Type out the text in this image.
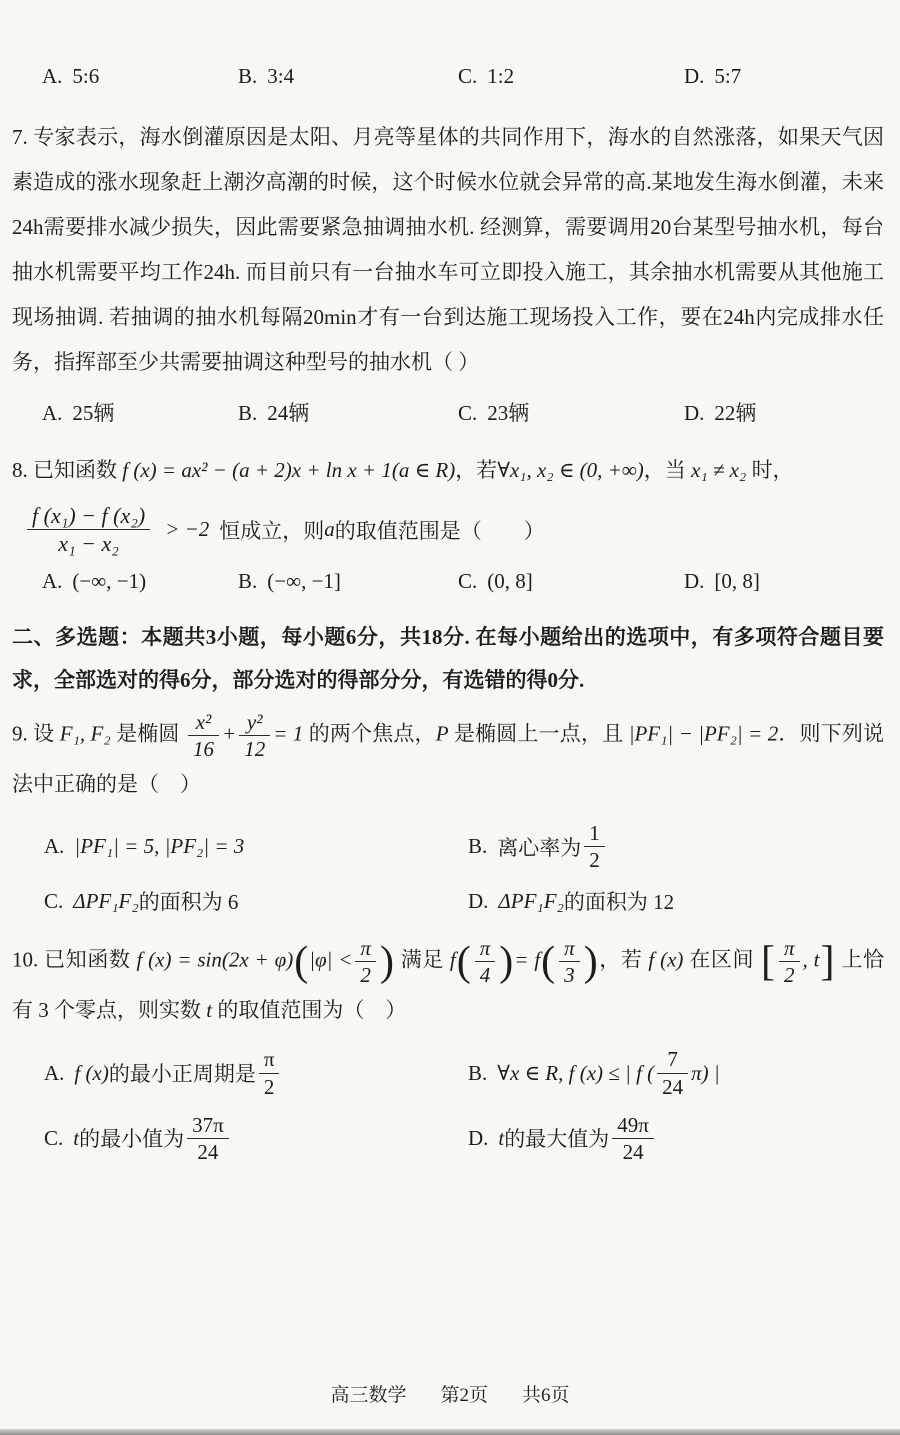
A. 5:6	B. 3:4	C. 1:2	D. 5:7

7. 专家表示，海水倒灌原因是太阳、月亮等星体的共同作用下，海水的自然涨落，如果天气因素造成的涨水现象赶上潮汐高潮的时候，这个时候水位就会异常的高.某地发生海水倒灌，未来24h需要排水减少损失，因此需要紧急抽调抽水机. 经测算，需要调用20台某型号抽水机，每台抽水机需要平均工作24h. 而目前只有一台抽水车可立即投入施工，其余抽水机需要从其他施工现场抽调. 若抽调的抽水机每隔20min才有一台到达施工现场投入工作，要在24h内完成排水任务，指挥部至少共需要抽调这种型号的抽水机（ ）

A. 25辆	B. 24辆	C. 23辆	D. 22辆

8. 已知函数 f (x) = ax² − (a + 2)x + ln x + 1(a ∈ R)，若∀x₁, x₂ ∈ (0, +∞)，当 x₁ ≠ x₂ 时，

$\frac{\text{f (x₁) − f (x₂)}}{\text{x₁ − x₂}} > -2$ 恒成立，则 a 的取值范围是（　　）
A. (−∞, −1)	B. (−∞, −1]	C. (0, 8]	D. [0, 8]

二、多选题：本题共3小题，每小题6分，共18分. 在每小题给出的选项中，有多项符合题目要求，全部选对的得6分，部分选对的得部分分，有选错的得0分.

9. 设 F₁, F₂ 是椭圆 $\frac{\text{x²}}{16} + \frac{\text{y²}}{12} = 1$ 的两个焦点，P 是椭圆上一点，且 |PF₁| − |PF₂| = 2．则下列说法中正确的是（　）

A. |PF₁| = 5, |PF₂| = 3	B. 离心率为 $\frac{1}{2}$
C. ΔPF₁F₂ 的面积为 6	D. ΔPF₁F₂ 的面积为 12

10. 已知函数 f $(x) = \sin(2x + \varphi)(|\varphi| < \frac{\pi}{2}$ ) 满足 $f( \frac{\pi}{4}$ )= $f( \frac{\pi}{3}$ )，若 f (x) 在区间 [ $\frac{\pi}{2}$ , t] 上恰有 3 个零点，则实数 t 的取值范围为（　）

A. f (x) 的最小正周期是 $\frac{\pi}{2}$	B. ∀x ∈ R, f (x) ≤ | f ( $\frac{7}{24} \pi$) |
C. t 的最小值为 $\frac{37\pi}{24}$	D. t 的最大值为 $\frac{49\pi}{24}$
高三数学 第2页 共6页
